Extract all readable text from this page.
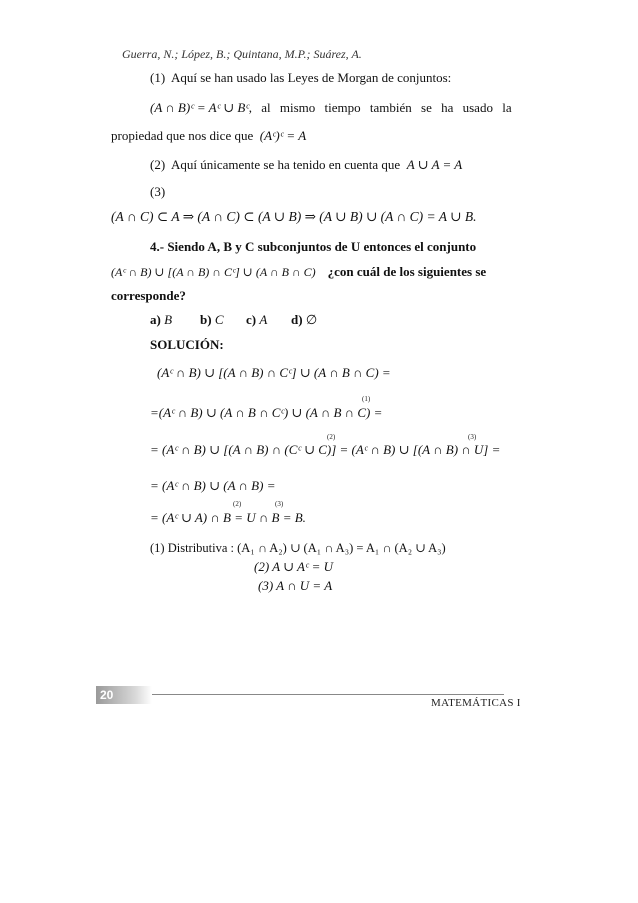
Guerra, N.; López, B.; Quintana, M.P.; Suárez, A.
(1) Aquí se han usado las Leyes de Morgan de conjuntos:
(A ∩ B)ᶜ = Aᶜ ∪ Bᶜ, al mismo tiempo también se ha usado la
propiedad que nos dice que (Aᶜ)ᶜ = A
(2) Aquí únicamente se ha tenido en cuenta que A ∪ A = A
(3)
(A ∩ C) ⊂ A ⇒ (A ∩ C) ⊂ (A ∪ B) ⇒ (A ∪ B) ∪ (A ∩ C) = A ∪ B.
4.- Siendo A, B y C subconjuntos de U entonces el conjunto
(Aᶜ ∩ B) ∪ [(A ∩ B) ∩ Cᶜ] ∪ (A ∩ B ∩ C) ¿con cuál de los siguientes se
corresponde?
a) B b) C c) A d) ∅
SOLUCIÓN:
(Aᶜ ∩ B) ∪ [(A ∩ B) ∩ Cᶜ] ∪ (A ∩ B ∩ C) =
(1)
=(Aᶜ ∩ B) ∪ (A ∩ B ∩ Cᶜ) ∪ (A ∩ B ∩ C) =
(2)	(3)
= (Aᶜ ∩ B) ∪ [(A ∩ B) ∩ (Cᶜ ∪ C)] = (Aᶜ ∩ B) ∪ [(A ∩ B) ∩ U] =
= (Aᶜ ∩ B) ∪ (A ∩ B) =
(2)	(3)
= (Aᶜ ∪ A) ∩ B = U ∩ B = B.
(1) Distributiva : (A₁ ∩ A₂) ∪ (A₁ ∩ A₃) = A₁ ∩ (A₂ ∪ A₃)
(2) A ∪ Aᶜ = U
(3) A ∩ U = A
20
MATEMÁTICAS I
